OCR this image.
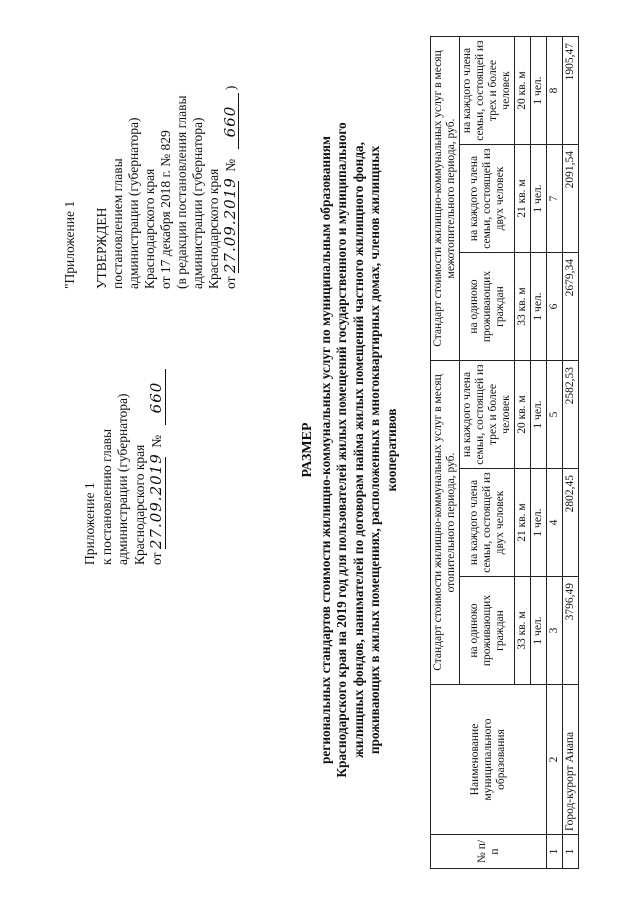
Приложение 1 к постановлению главы администрации (губернатора) Краснодарского края от 27.09.2019 № 660
"Приложение 1
УТВЕРЖДЕН постановлением главы администрации (губернатора) Краснодарского края от 17 декабря 2018 г. № 829 (в редакции постановления главы администрации (губернатора) Краснодарского края от 27.09.2019 № 660 )
РАЗМЕР региональных стандартов стоимости жилищно-коммунальных услуг по муниципальным образованиям Краснодарского края на 2019 год для пользователей жилых помещений государственного и муниципального жилищных фондов, нанимателей по договорам найма жилых помещений частного жилищного фонда, проживающих в жилых помещениях, расположенных в многоквартирных домах, членов жилищных кооперативов
№ п/п	Наименование муниципального образования	Стандарт стоимости жилищно-коммунальных услуг в месяц отопительного периода, руб.			Стандарт стоимости жилищно-коммунальных услуг в месяц межотопительного периода, руб.		
		на одиноко проживающих граждан	на каждого члена семьи, состоящей из двух человек	на каждого члена семьи, состоящей из трех и более человек	на одиноко проживающих граждан	на каждого члена семьи, состоящей из двух человек	на каждого члена семьи, состоящей из трех и более человек
		33 кв. м	21 кв. м	20 кв. м	33 кв. м	21 кв. м	20 кв. м
		1 чел.	1 чел.	1 чел.	1 чел.	1 чел.	1 чел.
1	2	3	4	5	6	7	8
1	Город-курорт Анапа	3796,49	2802,45	2582,53	2679,34	2091,54	1905,47
